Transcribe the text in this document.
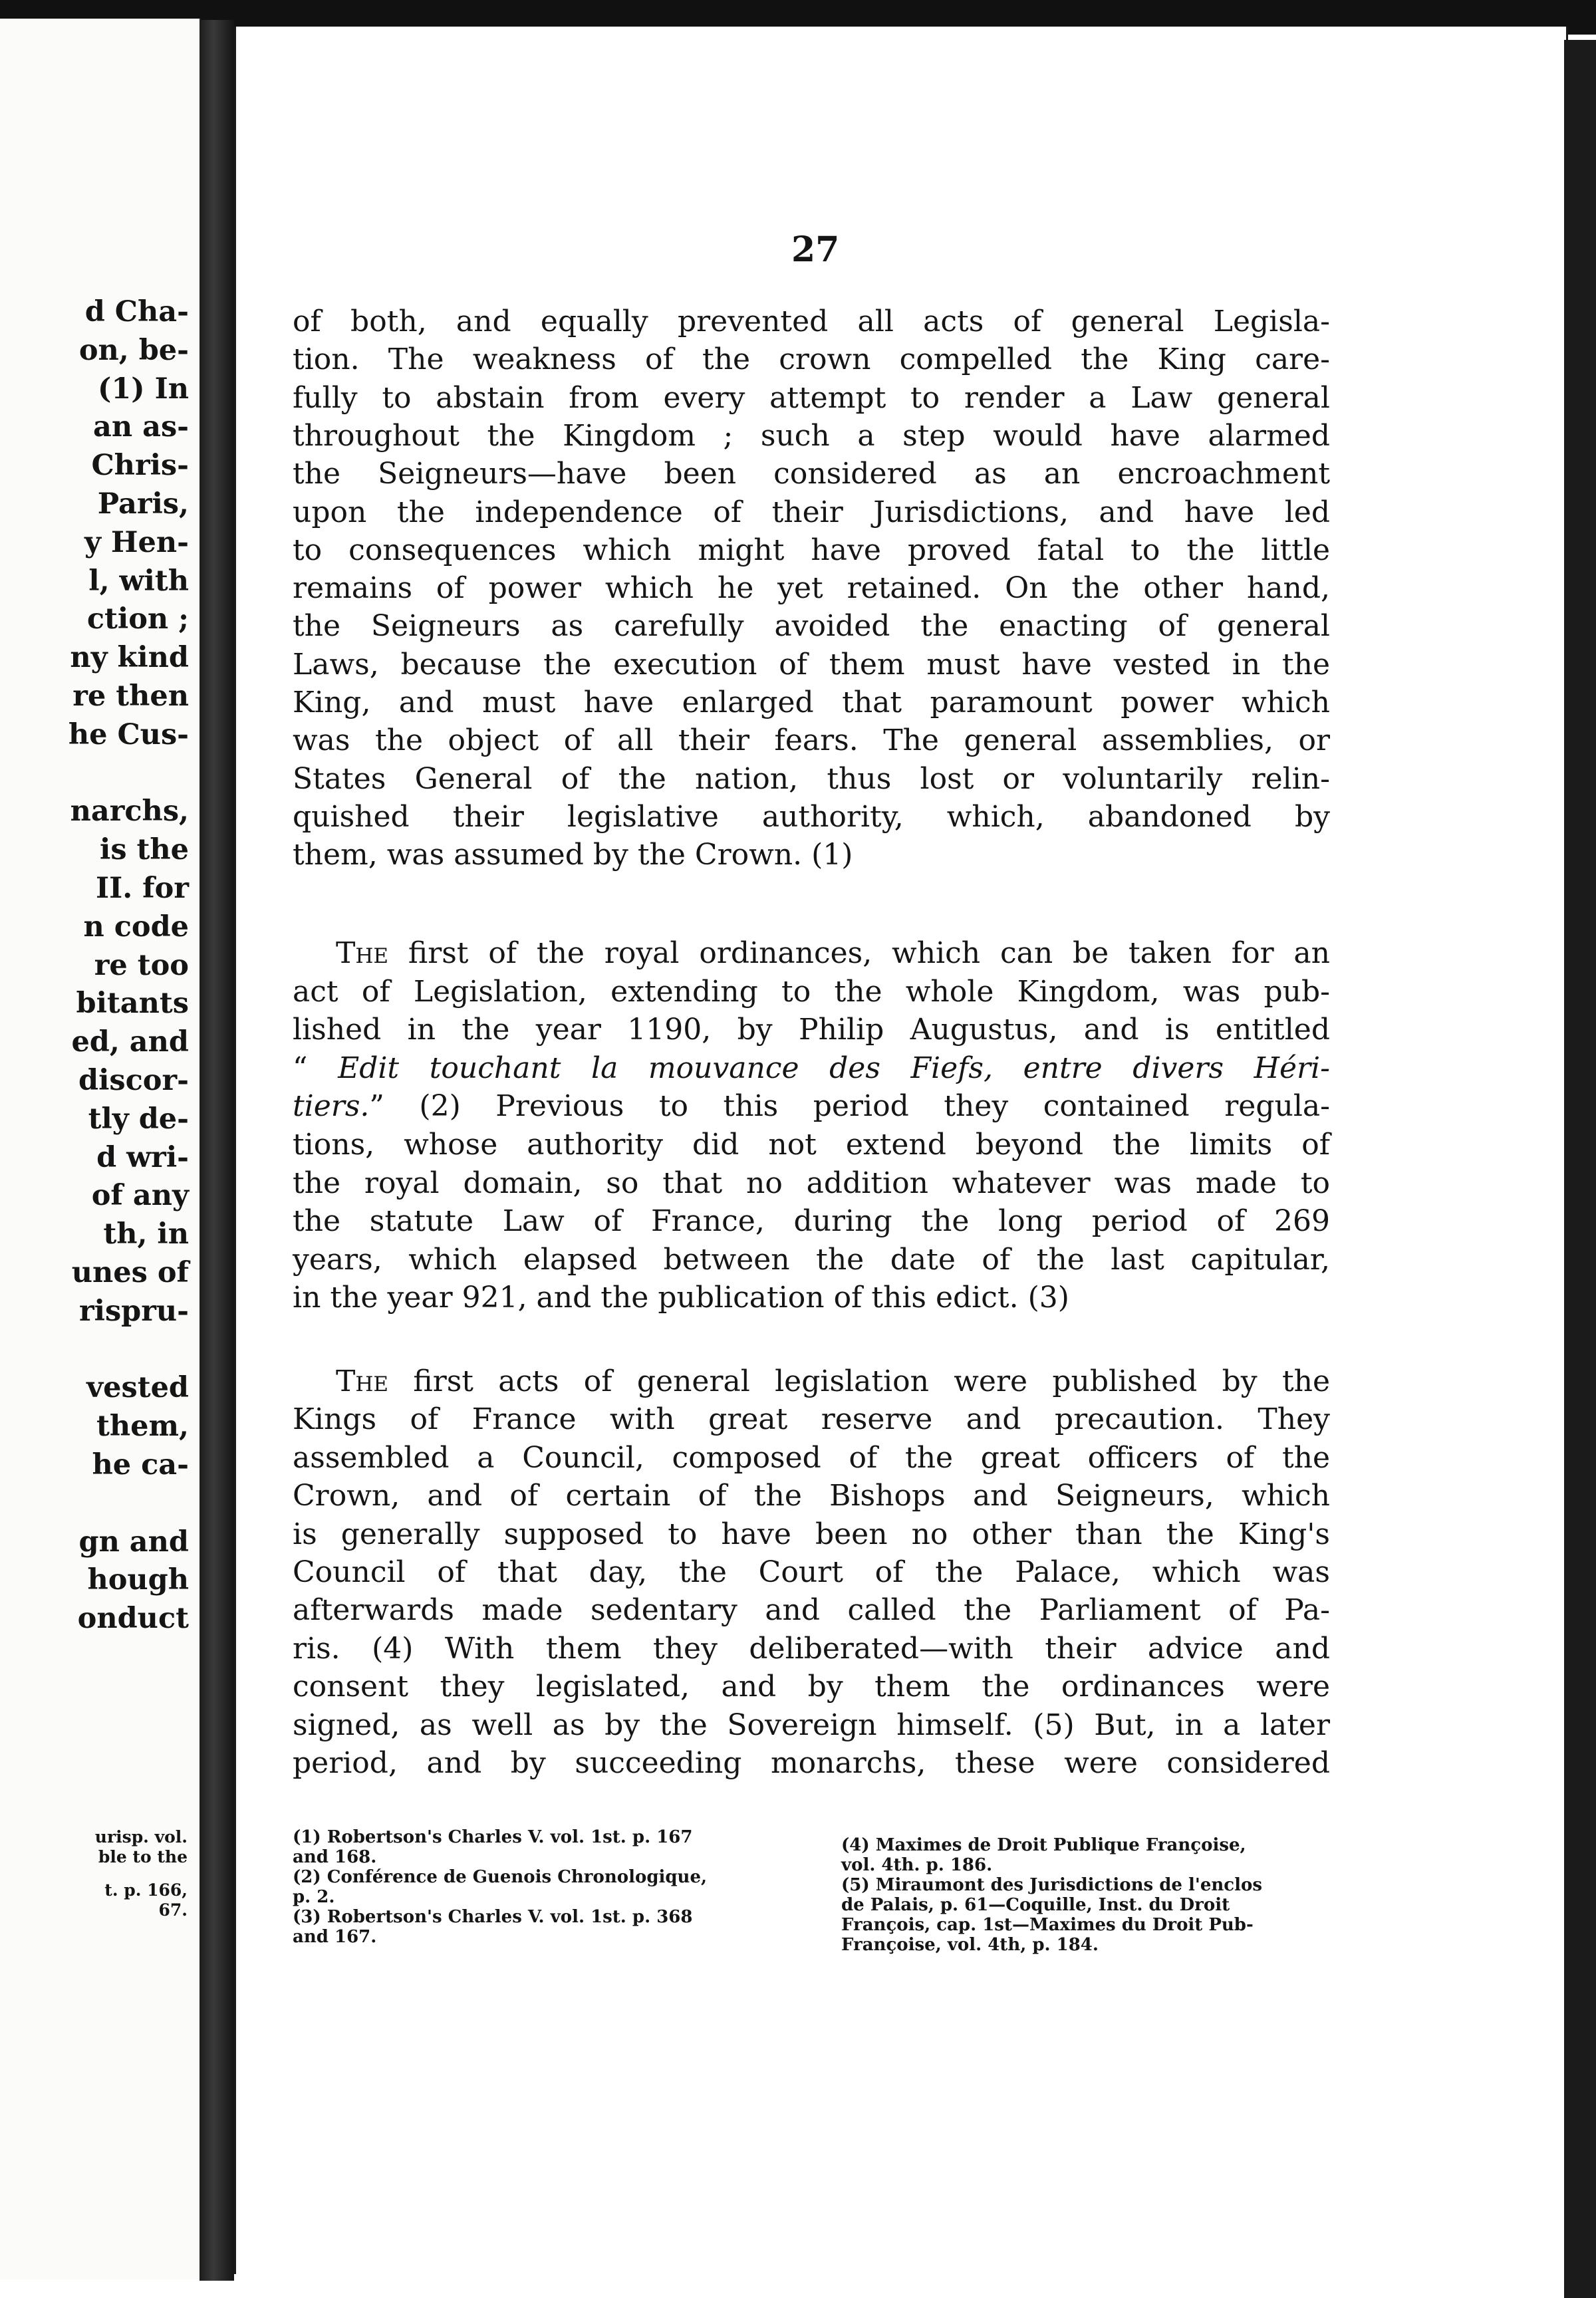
d Cha-
on, be-
(1) In
an as-
Chris-
Paris,
y Hen-
l, with
ction ;
ny kind
re then
he Cus-
narchs,
is the
II. for
n code
re too
bitants
ed, and
discor-
tly de-
d wri-
of any
th, in
unes of
rispru-
vested
them,
he ca-
gn and
hough
onduct
urisp. vol.
ble to the
t. p. 166,
67.
27
of both, and equally prevented all acts of general Legisla-
tion. The weakness of the crown compelled the King care-
fully to abstain from every attempt to render a Law general
throughout the Kingdom ; such a step would have alarmed
the Seigneurs—have been considered as an encroachment
upon the independence of their Jurisdictions, and have led
to consequences which might have proved fatal to the little
remains of power which he yet retained. On the other hand,
the Seigneurs as carefully avoided the enacting of general
Laws, because the execution of them must have vested in the
King, and must have enlarged that paramount power which
was the object of all their fears. The general assemblies, or
States General of the nation, thus lost or voluntarily relin-
quished their legislative authority, which, abandoned by
them, was assumed by the Crown. (1)
The first of the royal ordinances, which can be taken for an
act of Legislation, extending to the whole Kingdom, was pub-
lished in the year 1190, by Philip Augustus, and is entitled
“ Edit touchant la mouvance des Fiefs, entre divers Héri-
tiers.” (2) Previous to this period they contained regula-
tions, whose authority did not extend beyond the limits of
the royal domain, so that no addition whatever was made to
the statute Law of France, during the long period of 269
years, which elapsed between the date of the last capitular,
in the year 921, and the publication of this edict. (3)
The first acts of general legislation were published by the
Kings of France with great reserve and precaution. They
assembled a Council, composed of the great officers of the
Crown, and of certain of the Bishops and Seigneurs, which
is generally supposed to have been no other than the King's
Council of that day, the Court of the Palace, which was
afterwards made sedentary and called the Parliament of Pa-
ris. (4) With them they deliberated—with their advice and
consent they legislated, and by them the ordinances were
signed, as well as by the Sovereign himself. (5) But, in a later
period, and by succeeding monarchs, these were considered
(1) Robertson's Charles V. vol. 1st. p. 167
and 168.
(2) Conférence de Guenois Chronologique,
p. 2.
(3) Robertson's Charles V. vol. 1st. p. 368
and 167.
(4) Maximes de Droit Publique Françoise,
vol. 4th. p. 186.
(5) Miraumont des Jurisdictions de l'enclos
de Palais, p. 61—Coquille, Inst. du Droit
François, cap. 1st—Maximes du Droit Pub-
Françoise, vol. 4th, p. 184.
